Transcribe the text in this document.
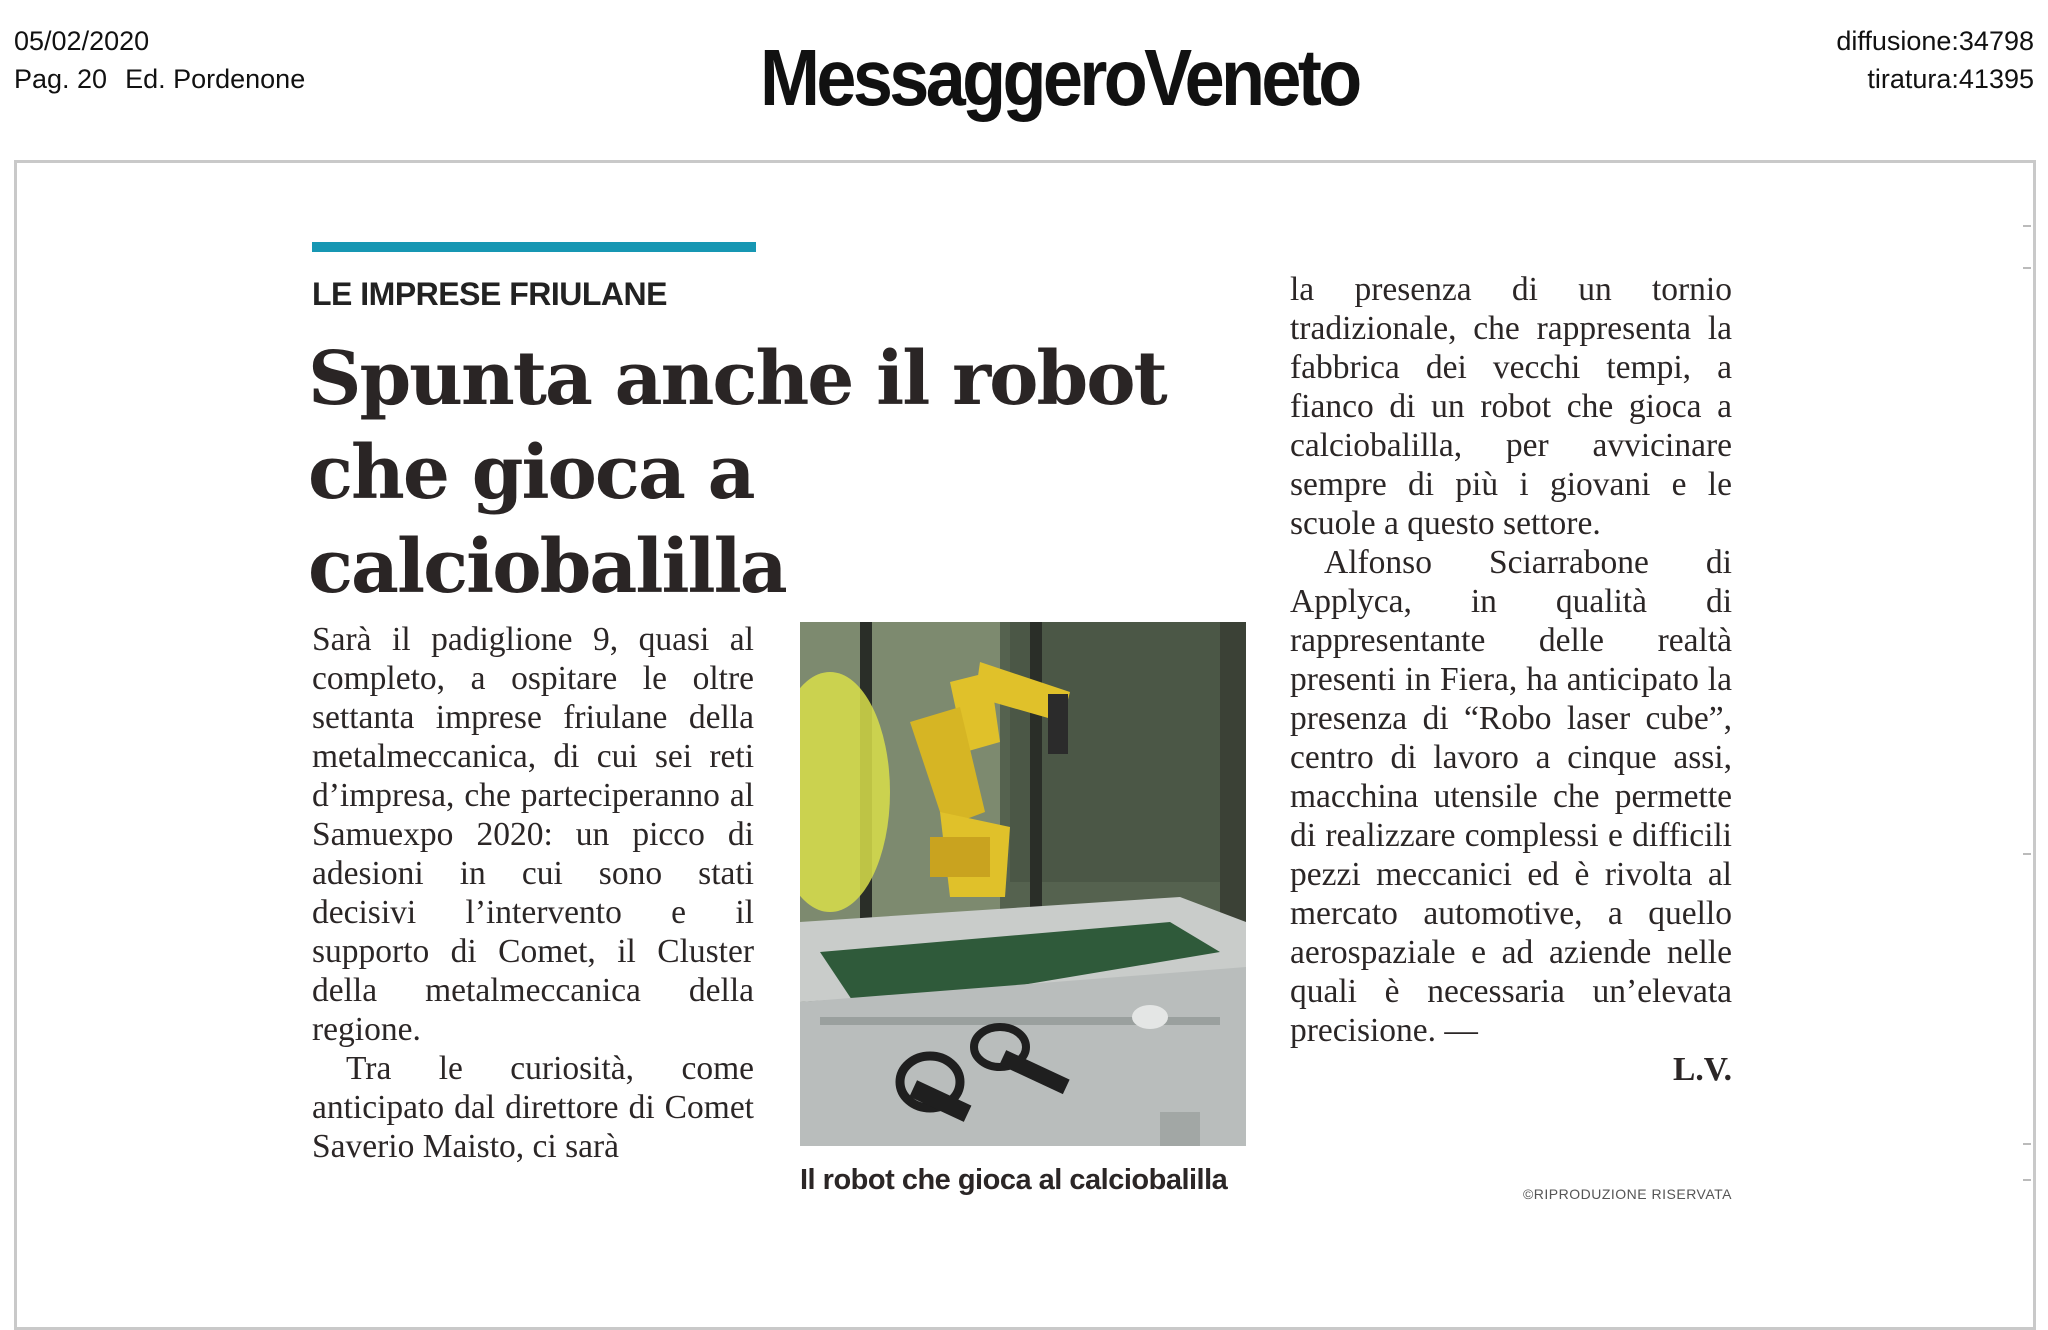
05/02/2020
Pag. 20 Ed. Pordenone	MessaggeroVeneto	diffusione:34798
tiratura:41395
LE IMPRESE FRIULANE
Spunta anche il robot
che gioca a calciobalilla

Sarà il padiglione 9, quasi al completo, a ospitare le oltre settanta imprese friulane della metalmeccanica, di cui sei reti d’impresa, che parteciperanno al Samuexpo 2020: un picco di adesioni in cui sono stati decisivi l’intervento e il supporto di Comet, il Cluster della metalmeccanica della regione.

Tra le curiosità, come anticipato dal direttore di Comet Saverio Maisto, ci sarà

Il robot che gioca al calciobalilla

la presenza di un tornio tradizionale, che rappresenta la fabbrica dei vecchi tempi, a fianco di un robot che gioca a calciobalilla, per avvicinare sempre di più i giovani e le scuole a questo settore.

Alfonso Sciarrabone di Applyca, in qualità di rappresentante delle realtà presenti in Fiera, ha anticipato la presenza di “Robo laser cube”, centro di lavoro a cinque assi, macchina utensile che permette di realizzare complessi e difficili pezzi meccanici ed è rivolta al mercato automotive, a quello aerospaziale e ad aziende nelle quali è necessaria un’elevata precisione. —

L.V.
©RIPRODUZIONE RISERVATA
